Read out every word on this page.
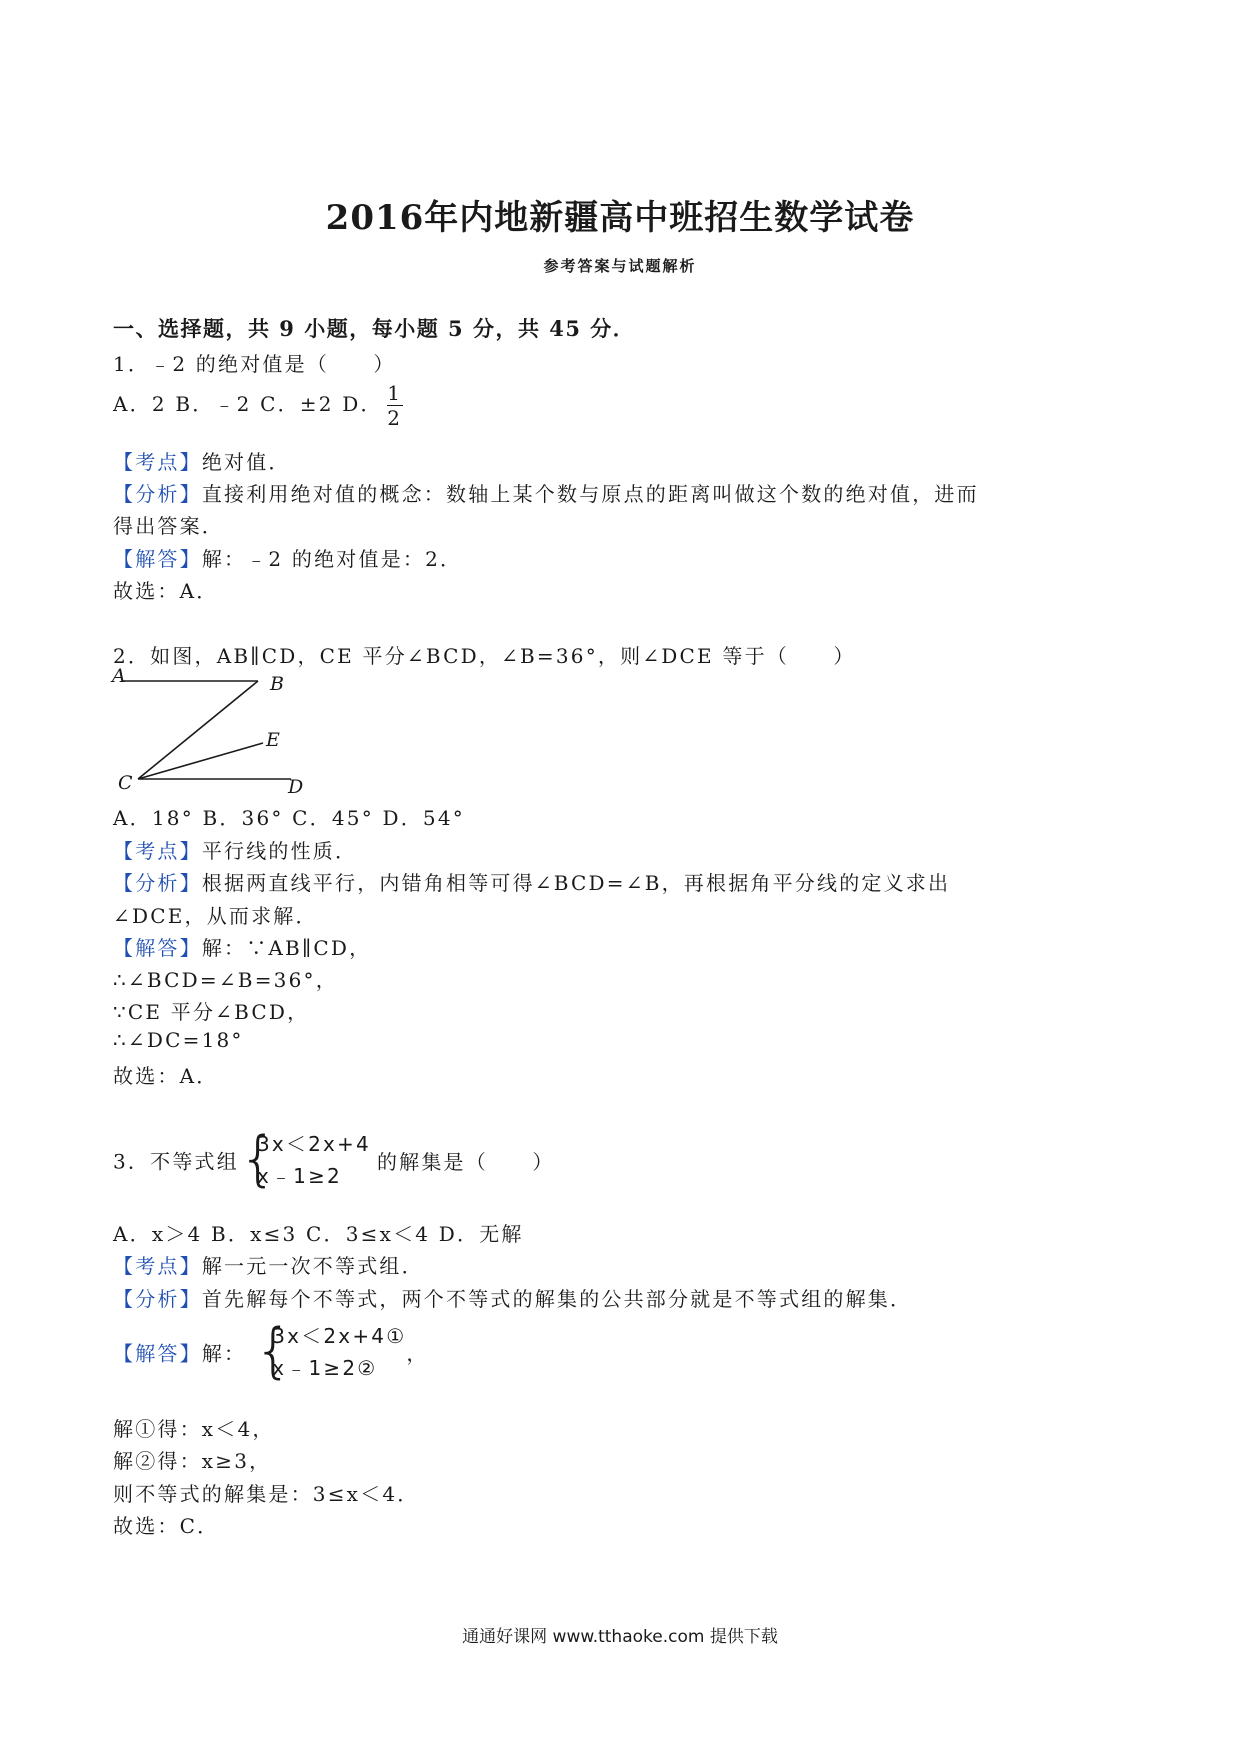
2016年内地新疆高中班招生数学试卷
参考答案与试题解析
一、选择题，共 9 小题，每小题 5 分，共 45 分．
1．﹣2 的绝对值是（　　）
A．2 B．﹣2 C．±2 D． $\frac{1}{2}$
【考点】绝对值．
【分析】直接利用绝对值的概念：数轴上某个数与原点的距离叫做这个数的绝对值，进而
得出答案．
【解答】解：﹣2 的绝对值是：2．
故选：A．
2．如图，AB∥CD，CE 平分∠BCD，∠B=36°，则∠DCE 等于（　　）
A	B
E
C	D
A．18° B．36° C．45° D．54°
【考点】平行线的性质．
【分析】根据两直线平行，内错角相等可得∠BCD=∠B，再根据角平分线的定义求出
∠DCE，从而求解．
【解答】解：∵AB∥CD，
∴∠BCD=∠B=36°，
∵CE 平分∠BCD，
∴∠DC=18°
故选：A．
3．不等式组 {
3x＜2x+4
x﹣1≥2
的解集是（　　）
A．x＞4 B．x≤3 C．3≤x＜4 D．无解
【考点】解一元一次不等式组．
【分析】首先解每个不等式，两个不等式的解集的公共部分就是不等式组的解集．
【解答】解： {
3x＜2x+4①
x﹣1≥2②
，
解①得：x＜4，
解②得：x≥3，
则不等式的解集是：3≤x＜4．
故选：C．
通通好课网 www.tthaoke.com 提供下载
